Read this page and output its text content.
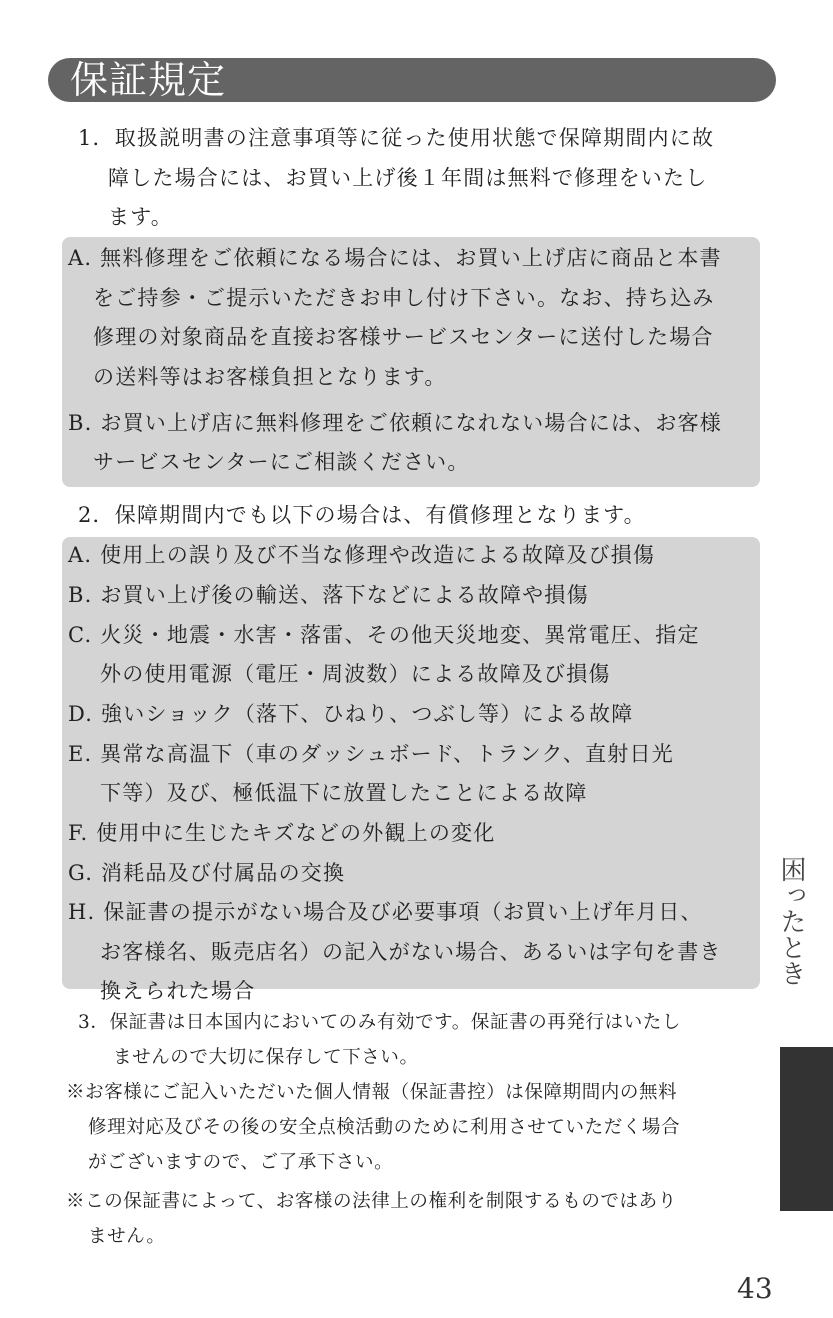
保証規定
1．取扱説明書の注意事項等に従った使用状態で保障期間内に故
障した場合には、お買い上げ後１年間は無料で修理をいたし
ます。
A. 無料修理をご依頼になる場合には、お買い上げ店に商品と本書
をご持参・ご提示いただきお申し付け下さい。なお、持ち込み
修理の対象商品を直接お客様サービスセンターに送付した場合
の送料等はお客様負担となります。
B. お買い上げ店に無料修理をご依頼になれない場合には、お客様
サービスセンターにご相談ください。
2．保障期間内でも以下の場合は、有償修理となります。
A. 使用上の誤り及び不当な修理や改造による故障及び損傷
B. お買い上げ後の輸送、落下などによる故障や損傷
C. 火災・地震・水害・落雷、その他天災地変、異常電圧、指定
外の使用電源（電圧・周波数）による故障及び損傷
D. 強いショック（落下、ひねり、つぶし等）による故障
E. 異常な高温下（車のダッシュボード、トランク、直射日光
下等）及び、極低温下に放置したことによる故障
F. 使用中に生じたキズなどの外観上の変化
G. 消耗品及び付属品の交換
H. 保証書の提示がない場合及び必要事項（お買い上げ年月日、
お客様名、販売店名）の記入がない場合、あるいは字句を書き
換えられた場合
3．保証書は日本国内においてのみ有効です。保証書の再発行はいたし
ませんので大切に保存して下さい。
※お客様にご記入いただいた個人情報（保証書控）は保障期間内の無料
修理対応及びその後の安全点検活動のために利用させていただく場合
がございますので、ご了承下さい。
※この保証書によって、お客様の法律上の権利を制限するものではあり
ません。
困ったとき
43
